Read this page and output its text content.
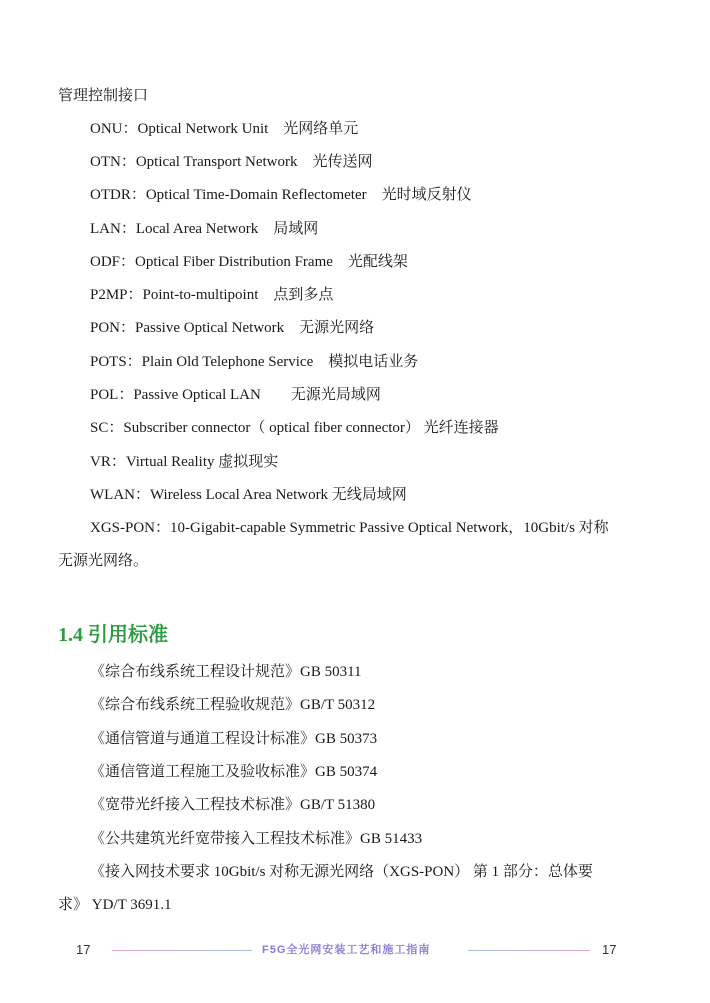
管理控制接口
ONU：Optical Network Unit　光网络单元
OTN：Optical Transport Network　光传送网
OTDR：Optical Time-Domain Reflectometer　光时域反射仪
LAN：Local Area Network　局域网
ODF：Optical Fiber Distribution Frame　光配线架
P2MP：Point-to-multipoint　点到多点
PON：Passive Optical Network　无源光网络
POTS：Plain Old Telephone Service　模拟电话业务
POL：Passive Optical LAN　　无源光局域网
SC：Subscriber connector（ optical fiber connector） 光纤连接器
VR：Virtual Reality 虚拟现实
WLAN：Wireless Local Area Network 无线局域网
XGS-PON：10-Gigabit-capable Symmetric Passive Optical Network，10Gbit/s 对称
无源光网络。
1.4 引用标准
《综合布线系统工程设计规范》GB 50311
《综合布线系统工程验收规范》GB/T 50312
《通信管道与通道工程设计标准》GB 50373
《通信管道工程施工及验收标准》GB 50374
《宽带光纤接入工程技术标准》GB/T 51380
《公共建筑光纤宽带接入工程技术标准》GB 51433
《接入网技术要求 10Gbit/s 对称无源光网络（XGS-PON） 第 1 部分：总体要
求》 YD/T 3691.1
17	F5G全光网安装工艺和施工指南	17
